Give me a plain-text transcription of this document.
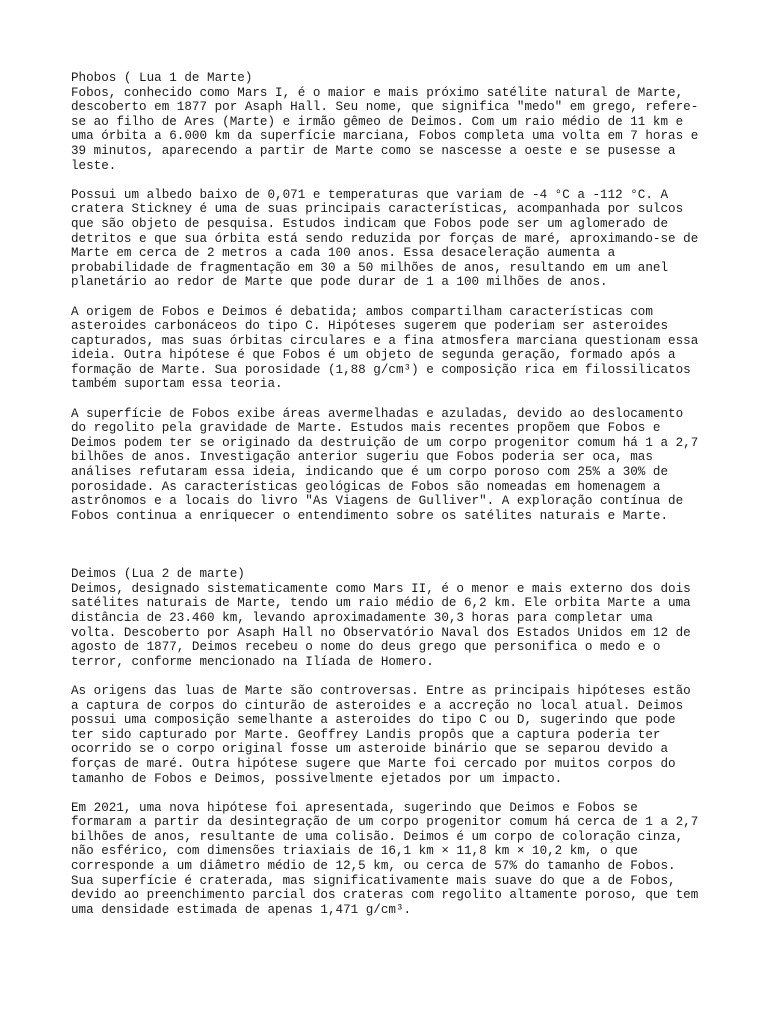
Phobos ( Lua 1 de Marte)
Fobos, conhecido como Mars I, é o maior e mais próximo satélite natural de Marte,
descoberto em 1877 por Asaph Hall. Seu nome, que significa "medo" em grego, refere-
se ao filho de Ares (Marte) e irmão gêmeo de Deimos. Com um raio médio de 11 km e
uma órbita a 6.000 km da superfície marciana, Fobos completa uma volta em 7 horas e
39 minutos, aparecendo a partir de Marte como se nascesse a oeste e se pusesse a
leste.
Possui um albedo baixo de 0,071 e temperaturas que variam de -4 °C a -112 °C. A
cratera Stickney é uma de suas principais características, acompanhada por sulcos
que são objeto de pesquisa. Estudos indicam que Fobos pode ser um aglomerado de
detritos e que sua órbita está sendo reduzida por forças de maré, aproximando-se de
Marte em cerca de 2 metros a cada 100 anos. Essa desaceleração aumenta a
probabilidade de fragmentação em 30 a 50 milhões de anos, resultando em um anel
planetário ao redor de Marte que pode durar de 1 a 100 milhões de anos.
A origem de Fobos e Deimos é debatida; ambos compartilham características com
asteroides carbonáceos do tipo C. Hipóteses sugerem que poderiam ser asteroides
capturados, mas suas órbitas circulares e a fina atmosfera marciana questionam essa
ideia. Outra hipótese é que Fobos é um objeto de segunda geração, formado após a
formação de Marte. Sua porosidade (1,88 g/cm³) e composição rica em filossilicatos
também suportam essa teoria.
A superfície de Fobos exibe áreas avermelhadas e azuladas, devido ao deslocamento
do regolito pela gravidade de Marte. Estudos mais recentes propõem que Fobos e
Deimos podem ter se originado da destruição de um corpo progenitor comum há 1 a 2,7
bilhões de anos. Investigação anterior sugeriu que Fobos poderia ser oca, mas
análises refutaram essa ideia, indicando que é um corpo poroso com 25% a 30% de
porosidade. As características geológicas de Fobos são nomeadas em homenagem a
astrônomos e a locais do livro "As Viagens de Gulliver". A exploração contínua de
Fobos continua a enriquecer o entendimento sobre os satélites naturais e Marte.
Deimos (Lua 2 de marte)
Deimos, designado sistematicamente como Mars II, é o menor e mais externo dos dois
satélites naturais de Marte, tendo um raio médio de 6,2 km. Ele orbita Marte a uma
distância de 23.460 km, levando aproximadamente 30,3 horas para completar uma
volta. Descoberto por Asaph Hall no Observatório Naval dos Estados Unidos em 12 de
agosto de 1877, Deimos recebeu o nome do deus grego que personifica o medo e o
terror, conforme mencionado na Ilíada de Homero.
As origens das luas de Marte são controversas. Entre as principais hipóteses estão
a captura de corpos do cinturão de asteroides e a accreção no local atual. Deimos
possui uma composição semelhante a asteroides do tipo C ou D, sugerindo que pode
ter sido capturado por Marte. Geoffrey Landis propôs que a captura poderia ter
ocorrido se o corpo original fosse um asteroide binário que se separou devido a
forças de maré. Outra hipótese sugere que Marte foi cercado por muitos corpos do
tamanho de Fobos e Deimos, possivelmente ejetados por um impacto.
Em 2021, uma nova hipótese foi apresentada, sugerindo que Deimos e Fobos se
formaram a partir da desintegração de um corpo progenitor comum há cerca de 1 a 2,7
bilhões de anos, resultante de uma colisão. Deimos é um corpo de coloração cinza,
não esférico, com dimensões triaxiais de 16,1 km × 11,8 km × 10,2 km, o que
corresponde a um diâmetro médio de 12,5 km, ou cerca de 57% do tamanho de Fobos.
Sua superfície é craterada, mas significativamente mais suave do que a de Fobos,
devido ao preenchimento parcial dos crateras com regolito altamente poroso, que tem
uma densidade estimada de apenas 1,471 g/cm³.
